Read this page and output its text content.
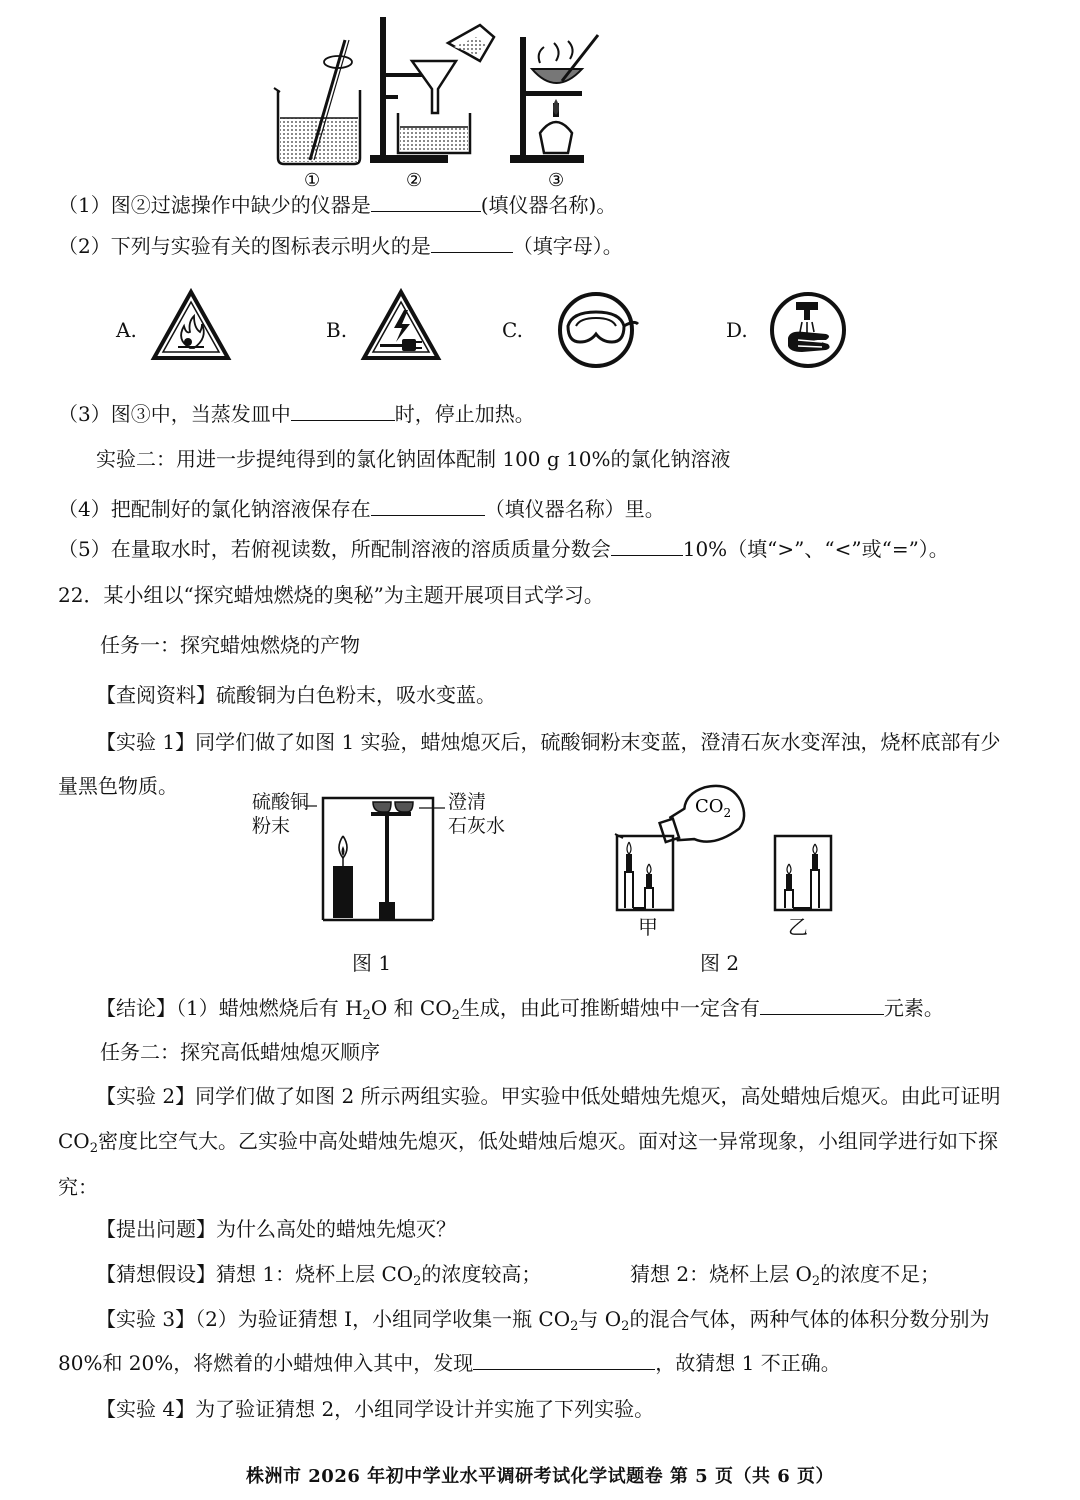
①	②	③
（1）图②过滤操作中缺少的仪器是	(填仪器名称)。
（2）下列与实验有关的图标表示明火的是	（填字母）。
A.	B.	C.	D.
（3）图③中，当蒸发皿中	时，停止加热。
实验二：用进一步提纯得到的氯化钠固体配制 100 g 10%的氯化钠溶液
（4）把配制好的氯化钠溶液保存在	（填仪器名称）里。
（5）在量取水时，若俯视读数，所配制溶液的溶质质量分数会	10%（填“>”、“<”或“=”）。
22．某小组以“探究蜡烛燃烧的奥秘”为主题开展项目式学习。
任务一：探究蜡烛燃烧的产物
【查阅资料】硫酸铜为白色粉末，吸水变蓝。
【实验 1】同学们做了如图 1 实验，蜡烛熄灭后，硫酸铜粉末变蓝，澄清石灰水变浑浊，烧杯底部有少
量黑色物质。
硫酸铜
粉末
澄清
石灰水
图 1
$CO_2$
甲	乙
图 2
【结论】（1）蜡烛燃烧后有 $H_2O$ 和 $CO_2$生成，由此可推断蜡烛中一定含有	元素。
任务二：探究高低蜡烛熄灭顺序
【实验 2】同学们做了如图 2 所示两组实验。甲实验中低处蜡烛先熄灭，高处蜡烛后熄灭。由此可证明
$CO_2$密度比空气大。乙实验中高处蜡烛先熄灭，低处蜡烛后熄灭。面对这一异常现象，小组同学进行如下探
究：
【提出问题】为什么高处的蜡烛先熄灭？
【猜想假设】猜想 1：烧杯上层 $CO_2$的浓度较高；	猜想 2：烧杯上层 $O_2$的浓度不足；
【实验 3】（2）为验证猜想 I，小组同学收集一瓶 $CO_2$与 $O_2$的混合气体，两种气体的体积分数分别为
80%和 20%，将燃着的小蜡烛伸入其中，发现	，故猜想 1 不正确。
【实验 4】为了验证猜想 2，小组同学设计并实施了下列实验。
株洲市 2026 年初中学业水平调研考试化学试题卷 第 5 页（共 6 页）
